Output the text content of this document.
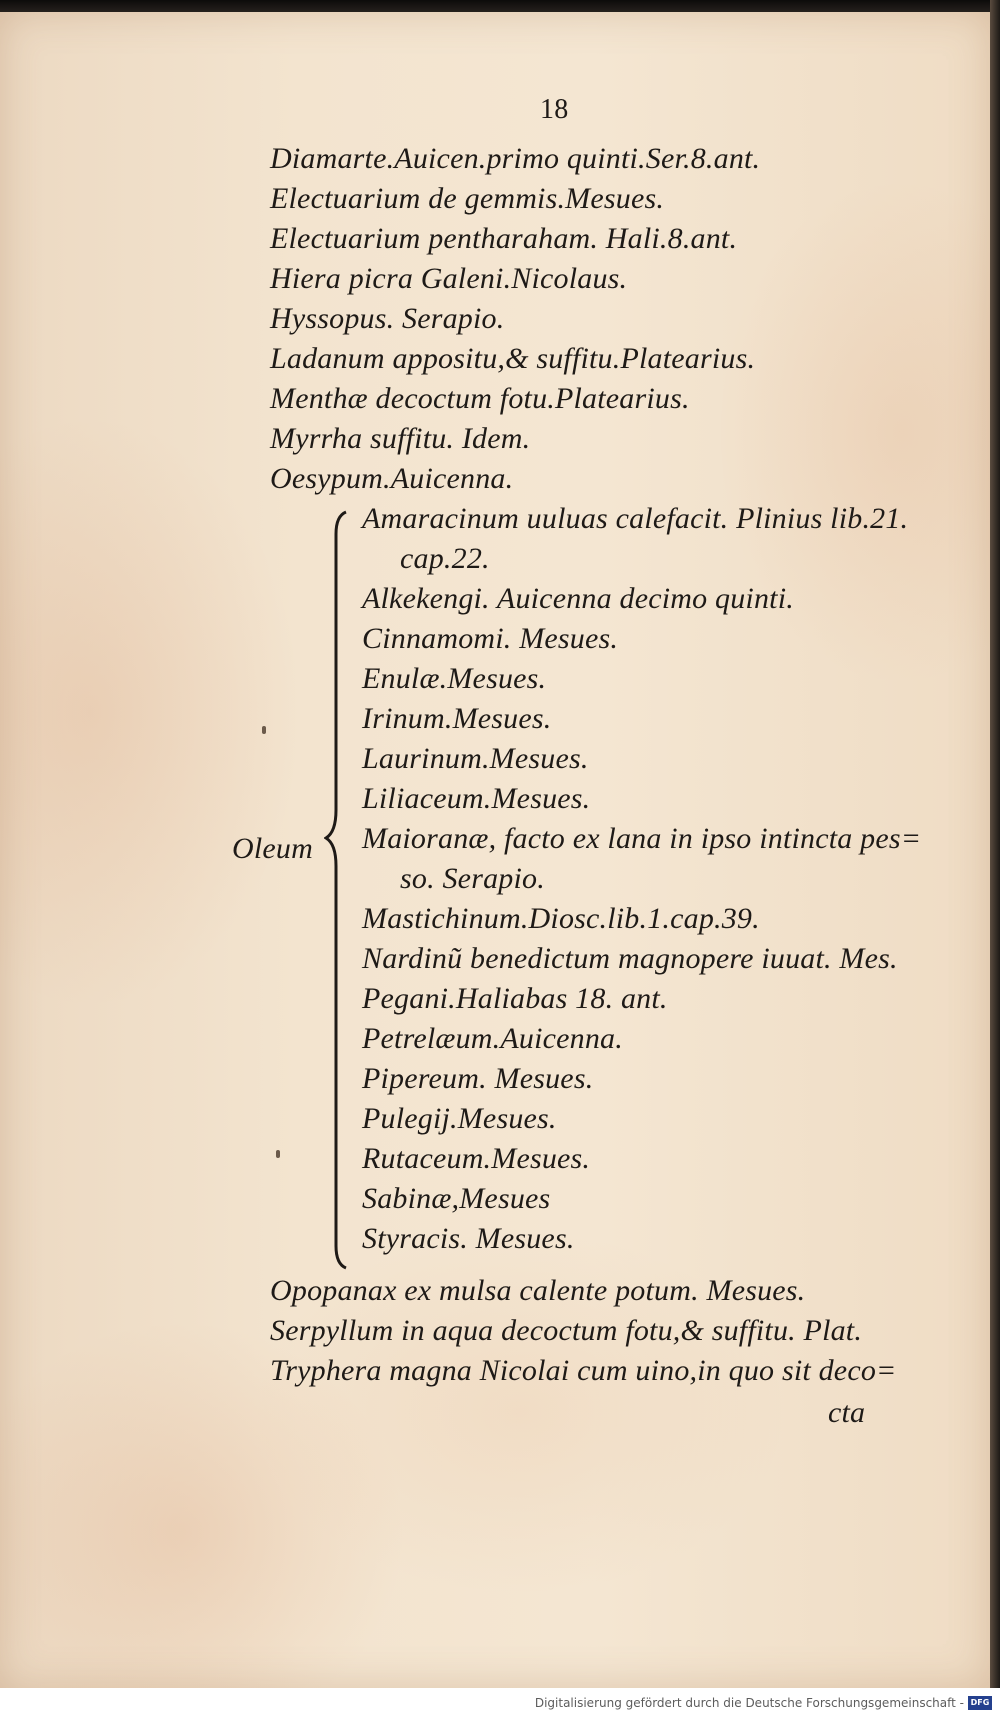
18
Diamarte.Auicen.primo quinti.Ser.8.ant.
Electuarium de gemmis.Mesues.
Electuarium pentharaham. Hali.8.ant.
Hiera picra Galeni.Nicolaus.
Hyssopus. Serapio.
Ladanum appositu,& suffitu.Platearius.
Menthæ decoctum fotu.Platearius.
Myrrha suffitu. Idem.
Oesypum.Auicenna.
Oleum
Amaracinum uuluas calefacit. Plinius lib.21.
cap.22.
Alkekengi. Auicenna decimo quinti.
Cinnamomi. Mesues.
Enulæ.Mesues.
Irinum.Mesues.
Laurinum.Mesues.
Liliaceum.Mesues.
Maioranæ, facto ex lana in ipso intincta pes=
so. Serapio.
Mastichinum.Diosc.lib.1.cap.39.
Nardinũ benedictum magnopere iuuat. Mes.
Pegani.Haliabas 18. ant.
Petrelæum.Auicenna.
Pipereum. Mesues.
Pulegij.Mesues.
Rutaceum.Mesues.
Sabinæ,Mesues
Styracis. Mesues.
Opopanax ex mulsa calente potum. Mesues.
Serpyllum in aqua decoctum fotu,& suffitu. Plat.
Tryphera magna Nicolai cum uino,in quo sit deco=
cta
Digitalisierung gefördert durch die Deutsche Forschungsgemeinschaft - DFG
